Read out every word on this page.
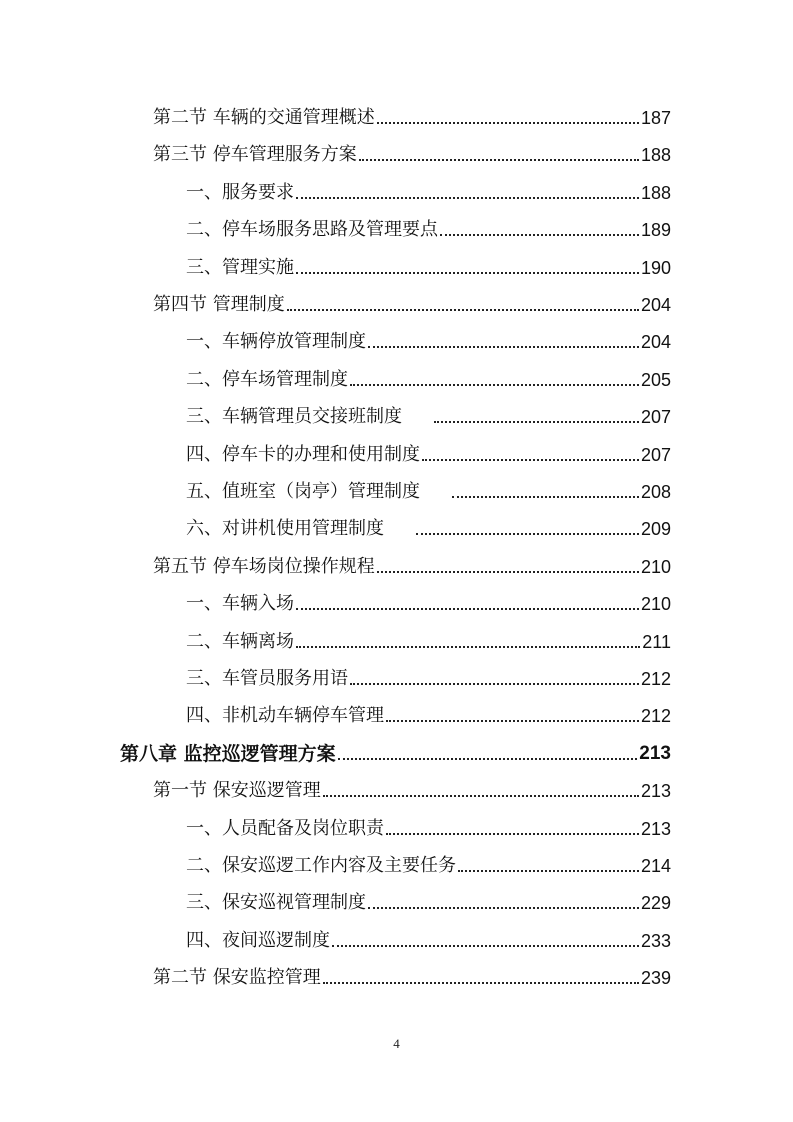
第二节 车辆的交通管理概述	187
第三节 停车管理服务方案	188
一、服务要求	188
二、停车场服务思路及管理要点	189
三、管理实施	190
第四节 管理制度	204
一、车辆停放管理制度	204
二、停车场管理制度	205
三、车辆管理员交接班制度	207
四、停车卡的办理和使用制度	207
五、值班室（岗亭）管理制度	208
六、对讲机使用管理制度	209
第五节 停车场岗位操作规程	210
一、车辆入场	210
二、车辆离场	211
三、车管员服务用语	212
四、非机动车辆停车管理	212
第八章 监控巡逻管理方案	213
第一节 保安巡逻管理	213
一、人员配备及岗位职责	213
二、保安巡逻工作内容及主要任务	214
三、保安巡视管理制度	229
四、夜间巡逻制度	233
第二节 保安监控管理	239
4
